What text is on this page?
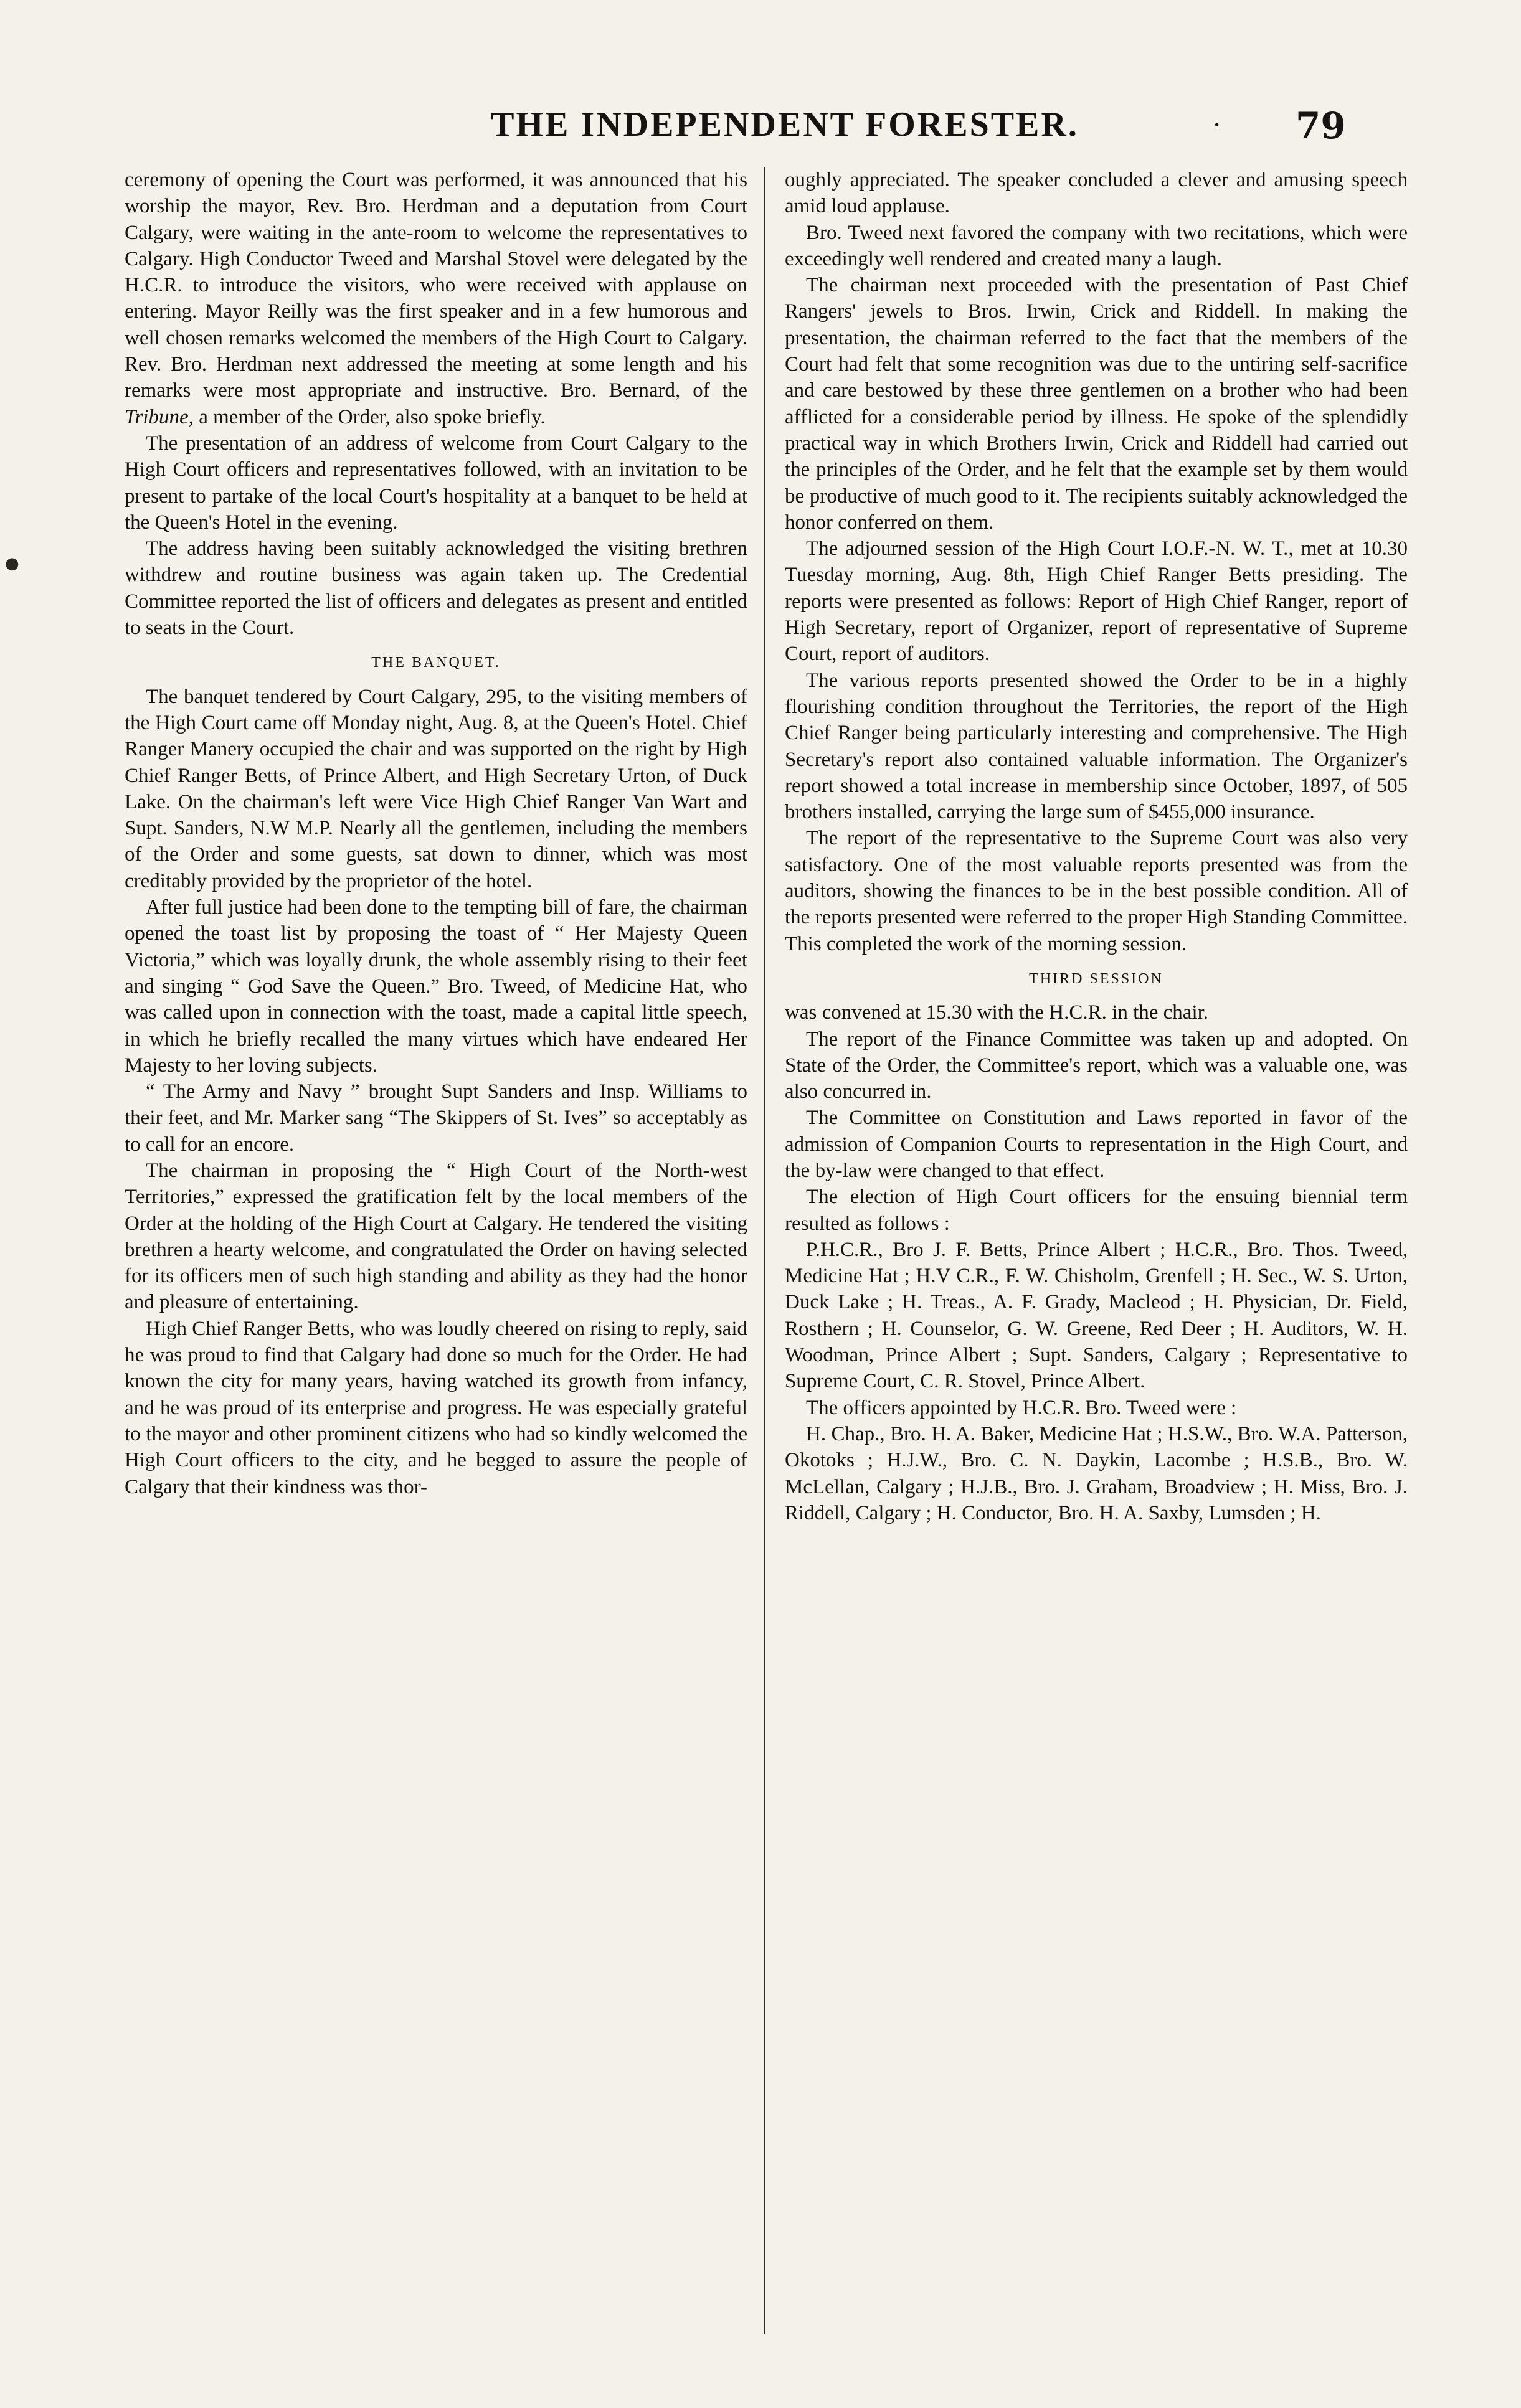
THE INDEPENDENT FORESTER.	· 79

ceremony of opening the Court was performed, it was announced that his worship the mayor, Rev. Bro. Herdman and a deputation from Court Calgary, were waiting in the ante-room to welcome the representatives to Calgary. High Conductor Tweed and Marshal Stovel were delegated by the H.C.R. to introduce the visitors, who were received with applause on entering. Mayor Reilly was the first speaker and in a few humorous and well chosen remarks welcomed the members of the High Court to Calgary. Rev. Bro. Herdman next addressed the meeting at some length and his remarks were most appropriate and instructive. Bro. Bernard, of the Tribune, a member of the Order, also spoke briefly.

The presentation of an address of welcome from Court Calgary to the High Court officers and representatives followed, with an invitation to be present to partake of the local Court's hospitality at a banquet to be held at the Queen's Hotel in the evening.

The address having been suitably acknowledged the visiting brethren withdrew and routine business was again taken up. The Credential Committee reported the list of officers and delegates as present and entitled to seats in the Court.

THE BANQUET.

The banquet tendered by Court Calgary, 295, to the visiting members of the High Court came off Monday night, Aug. 8, at the Queen's Hotel. Chief Ranger Manery occupied the chair and was supported on the right by High Chief Ranger Betts, of Prince Albert, and High Secretary Urton, of Duck Lake. On the chairman's left were Vice High Chief Ranger Van Wart and Supt. Sanders, N.W M.P. Nearly all the gentlemen, including the members of the Order and some guests, sat down to dinner, which was most creditably provided by the proprietor of the hotel.

After full justice had been done to the tempting bill of fare, the chairman opened the toast list by proposing the toast of “ Her Majesty Queen Victoria,” which was loyally drunk, the whole assembly rising to their feet and singing “ God Save the Queen.” Bro. Tweed, of Medicine Hat, who was called upon in connection with the toast, made a capital little speech, in which he briefly recalled the many virtues which have endeared Her Majesty to her loving subjects.

“ The Army and Navy ” brought Supt Sanders and Insp. Williams to their feet, and Mr. Marker sang “The Skippers of St. Ives” so acceptably as to call for an encore.

The chairman in proposing the “ High Court of the North-west Territories,” expressed the gratification felt by the local members of the Order at the holding of the High Court at Calgary. He tendered the visiting brethren a hearty welcome, and congratulated the Order on having selected for its officers men of such high standing and ability as they had the honor and pleasure of entertaining.

High Chief Ranger Betts, who was loudly cheered on rising to reply, said he was proud to find that Calgary had done so much for the Order. He had known the city for many years, having watched its growth from infancy, and he was proud of its enterprise and progress. He was especially grateful to the mayor and other prominent citizens who had so kindly welcomed the High Court officers to the city, and he begged to assure the people of Calgary that their kindness was thor-

oughly appreciated. The speaker concluded a clever and amusing speech amid loud applause.

Bro. Tweed next favored the company with two recitations, which were exceedingly well rendered and created many a laugh.

The chairman next proceeded with the presentation of Past Chief Rangers' jewels to Bros. Irwin, Crick and Riddell. In making the presentation, the chairman referred to the fact that the members of the Court had felt that some recognition was due to the untiring self-sacrifice and care bestowed by these three gentlemen on a brother who had been afflicted for a considerable period by illness. He spoke of the splendidly practical way in which Brothers Irwin, Crick and Riddell had carried out the principles of the Order, and he felt that the example set by them would be productive of much good to it. The recipients suitably acknowledged the honor conferred on them.

The adjourned session of the High Court I.O.F.-N. W. T., met at 10.30 Tuesday morning, Aug. 8th, High Chief Ranger Betts presiding. The reports were presented as follows: Report of High Chief Ranger, report of High Secretary, report of Organizer, report of representative of Supreme Court, report of auditors.

The various reports presented showed the Order to be in a highly flourishing condition throughout the Territories, the report of the High Chief Ranger being particularly interesting and comprehensive. The High Secretary's report also contained valuable information. The Organizer's report showed a total increase in membership since October, 1897, of 505 brothers installed, carrying the large sum of $455,000 insurance.

The report of the representative to the Supreme Court was also very satisfactory. One of the most valuable reports presented was from the auditors, showing the finances to be in the best possible condition. All of the reports presented were referred to the proper High Standing Committee. This completed the work of the morning session.

THIRD SESSION

was convened at 15.30 with the H.C.R. in the chair.

The report of the Finance Committee was taken up and adopted. On State of the Order, the Committee's report, which was a valuable one, was also concurred in.

The Committee on Constitution and Laws reported in favor of the admission of Companion Courts to representation in the High Court, and the by-law were changed to that effect.

The election of High Court officers for the ensuing biennial term resulted as follows :

P.H.C.R., Bro J. F. Betts, Prince Albert ; H.C.R., Bro. Thos. Tweed, Medicine Hat ; H.V C.R., F. W. Chisholm, Grenfell ; H. Sec., W. S. Urton, Duck Lake ; H. Treas., A. F. Grady, Macleod ; H. Physician, Dr. Field, Rosthern ; H. Counselor, G. W. Greene, Red Deer ; H. Auditors, W. H. Woodman, Prince Albert ; Supt. Sanders, Calgary ; Representative to Supreme Court, C. R. Stovel, Prince Albert.

The officers appointed by H.C.R. Bro. Tweed were :

H. Chap., Bro. H. A. Baker, Medicine Hat ; H.S.W., Bro. W.A. Patterson, Okotoks ; H.J.W., Bro. C. N. Daykin, Lacombe ; H.S.B., Bro. W. McLellan, Calgary ; H.J.B., Bro. J. Graham, Broadview ; H. Miss, Bro. J. Riddell, Calgary ; H. Conductor, Bro. H. A. Saxby, Lumsden ; H.

●
